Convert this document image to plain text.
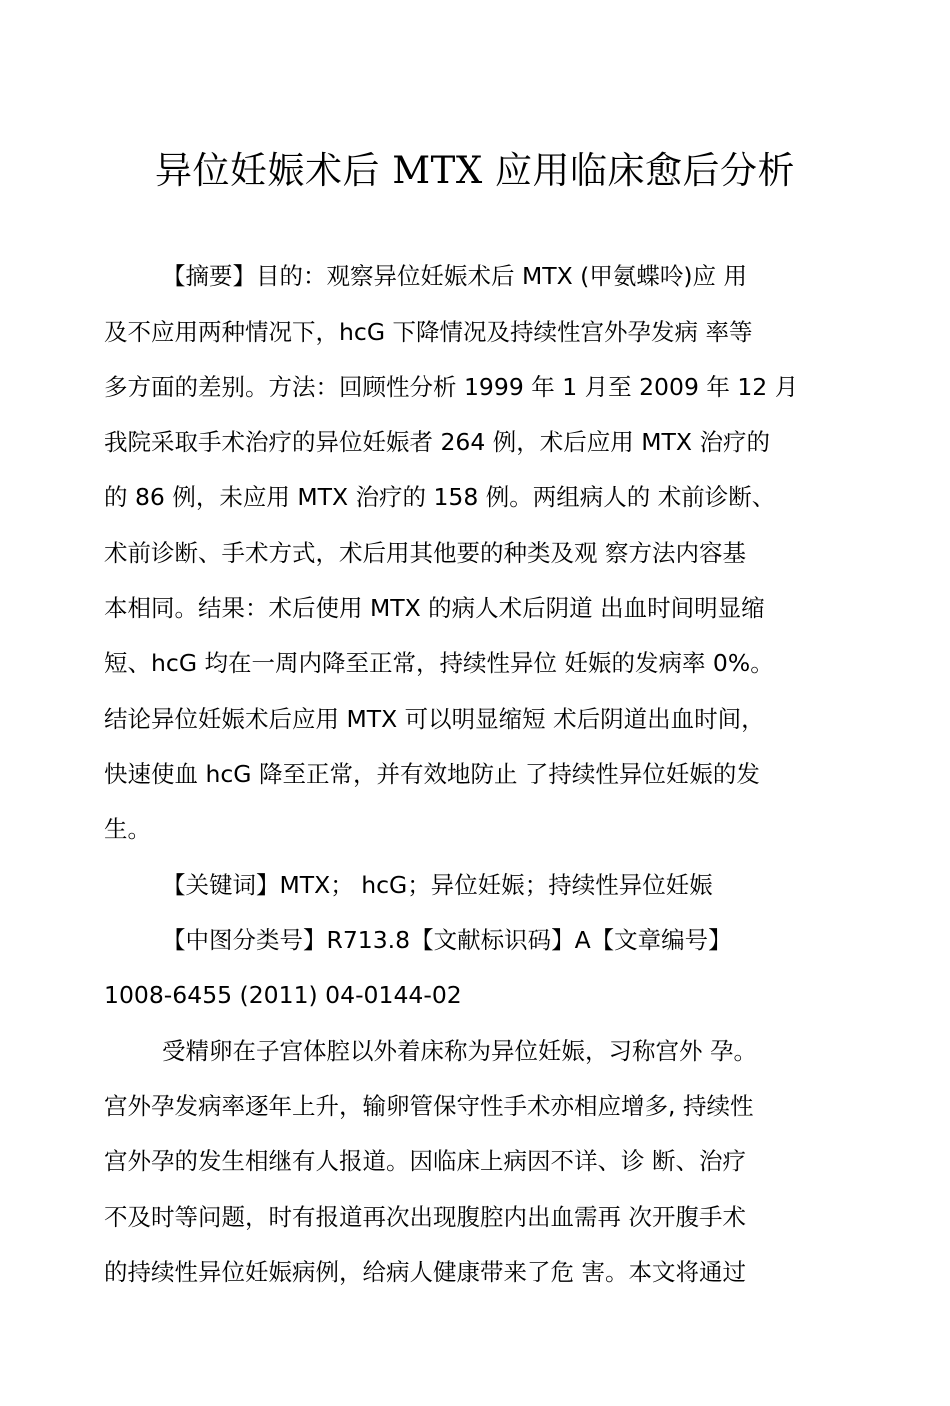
异位妊娠术后 MTX 应用临床愈后分析
【摘要】目的：观察异位妊娠术后 MTX (甲氨蝶呤)应 用
及不应用两种情况下，hcG 下降情况及持续性宫外孕发病 率等
多方面的差别。方法：回顾性分析 1999 年 1 月至 2009 年 12 月
我院采取手术治疗的异位妊娠者 264 例，术后应用 MTX 治疗的
的 86 例，未应用 MTX 治疗的 158 例。两组病人的 术前诊断、
术前诊断、手术方式，术后用其他要的种类及观 察方法内容基
本相同。结果：术后使用 MTX 的病人术后阴道 出血时间明显缩
短、hcG 均在一周内降至正常，持续性异位 妊娠的发病率 0%。
结论异位妊娠术后应用 MTX 可以明显缩短 术后阴道出血时间，
快速使血 hcG 降至正常，并有效地防止 了持续性异位妊娠的发
生。
【关键词】MTX； hcG；异位妊娠；持续性异位妊娠
【中图分类号】R713.8【文献标识码】A【文章编号】
1008-6455 (2011) 04-0144-02
受精卵在子宫体腔以外着床称为异位妊娠，习称宫外 孕。
宫外孕发病率逐年上升，输卵管保守性手术亦相应增多, 持续性
宫外孕的发生相继有人报道。因临床上病因不详、诊 断、治疗
不及时等问题，时有报道再次出现腹腔内出血需再 次开腹手术
的持续性异位妊娠病例，给病人健康带来了危 害。本文将通过
